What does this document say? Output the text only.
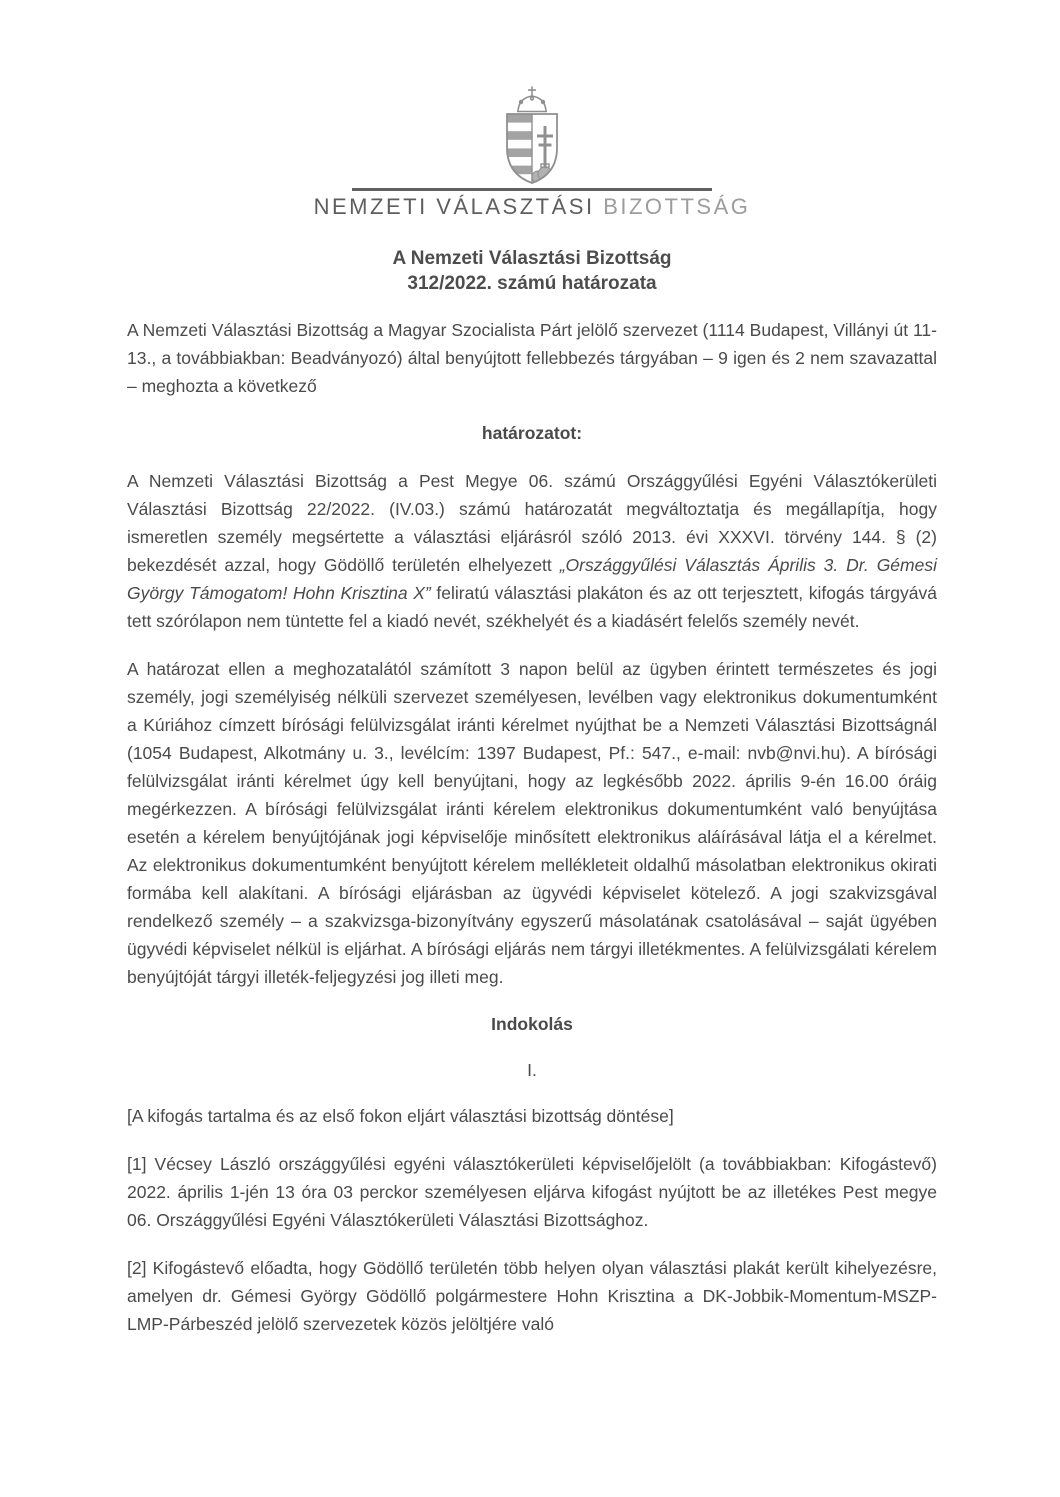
NEMZETI VÁLASZTÁSI BIZOTTSÁG
A Nemzeti Választási Bizottság
312/2022. számú határozata

A Nemzeti Választási Bizottság a Magyar Szocialista Párt jelölő szervezet (1114 Budapest, Villányi út 11-13., a továbbiakban: Beadványozó) által benyújtott fellebbezés tárgyában – 9 igen és 2 nem szavazattal – meghozta a következő

határozatot:

A Nemzeti Választási Bizottság a Pest Megye 06. számú Országgyűlési Egyéni Választókerületi Választási Bizottság 22/2022. (IV.03.) számú határozatát megváltoztatja és megállapítja, hogy ismeretlen személy megsértette a választási eljárásról szóló 2013. évi XXXVI. törvény 144. § (2) bekezdését azzal, hogy Gödöllő területén elhelyezett „Országgyűlési Választás Április 3. Dr. Gémesi György Támogatom! Hohn Krisztina X” feliratú választási plakáton és az ott terjesztett, kifogás tárgyává tett szórólapon nem tüntette fel a kiadó nevét, székhelyét és a kiadásért felelős személy nevét.

A határozat ellen a meghozatalától számított 3 napon belül az ügyben érintett természetes és jogi személy, jogi személyiség nélküli szervezet személyesen, levélben vagy elektronikus dokumentumként a Kúriához címzett bírósági felülvizsgálat iránti kérelmet nyújthat be a Nemzeti Választási Bizottságnál (1054 Budapest, Alkotmány u. 3., levélcím: 1397 Budapest, Pf.: 547., e-mail: nvb@nvi.hu). A bírósági felülvizsgálat iránti kérelmet úgy kell benyújtani, hogy az legkésőbb 2022. április 9-én 16.00 óráig megérkezzen. A bírósági felülvizsgálat iránti kérelem elektronikus dokumentumként való benyújtása esetén a kérelem benyújtójának jogi képviselője minősített elektronikus aláírásával látja el a kérelmet. Az elektronikus dokumentumként benyújtott kérelem mellékleteit oldalhű másolatban elektronikus okirati formába kell alakítani. A bírósági eljárásban az ügyvédi képviselet kötelező. A jogi szakvizsgával rendelkező személy – a szakvizsga-bizonyítvány egyszerű másolatának csatolásával – saját ügyében ügyvédi képviselet nélkül is eljárhat. A bírósági eljárás nem tárgyi illetékmentes. A felülvizsgálati kérelem benyújtóját tárgyi illeték-feljegyzési jog illeti meg.

Indokolás

I.

[A kifogás tartalma és az első fokon eljárt választási bizottság döntése]

[1] Vécsey László országgyűlési egyéni választókerületi képviselőjelölt (a továbbiakban: Kifogástevő) 2022. április 1-jén 13 óra 03 perckor személyesen eljárva kifogást nyújtott be az illetékes Pest megye 06. Országgyűlési Egyéni Választókerületi Választási Bizottsághoz.

[2] Kifogástevő előadta, hogy Gödöllő területén több helyen olyan választási plakát került kihelyezésre, amelyen dr. Gémesi György Gödöllő polgármestere Hohn Krisztina a DK-Jobbik-Momentum-MSZP-LMP-Párbeszéd jelölő szervezetek közös jelöltjére való
